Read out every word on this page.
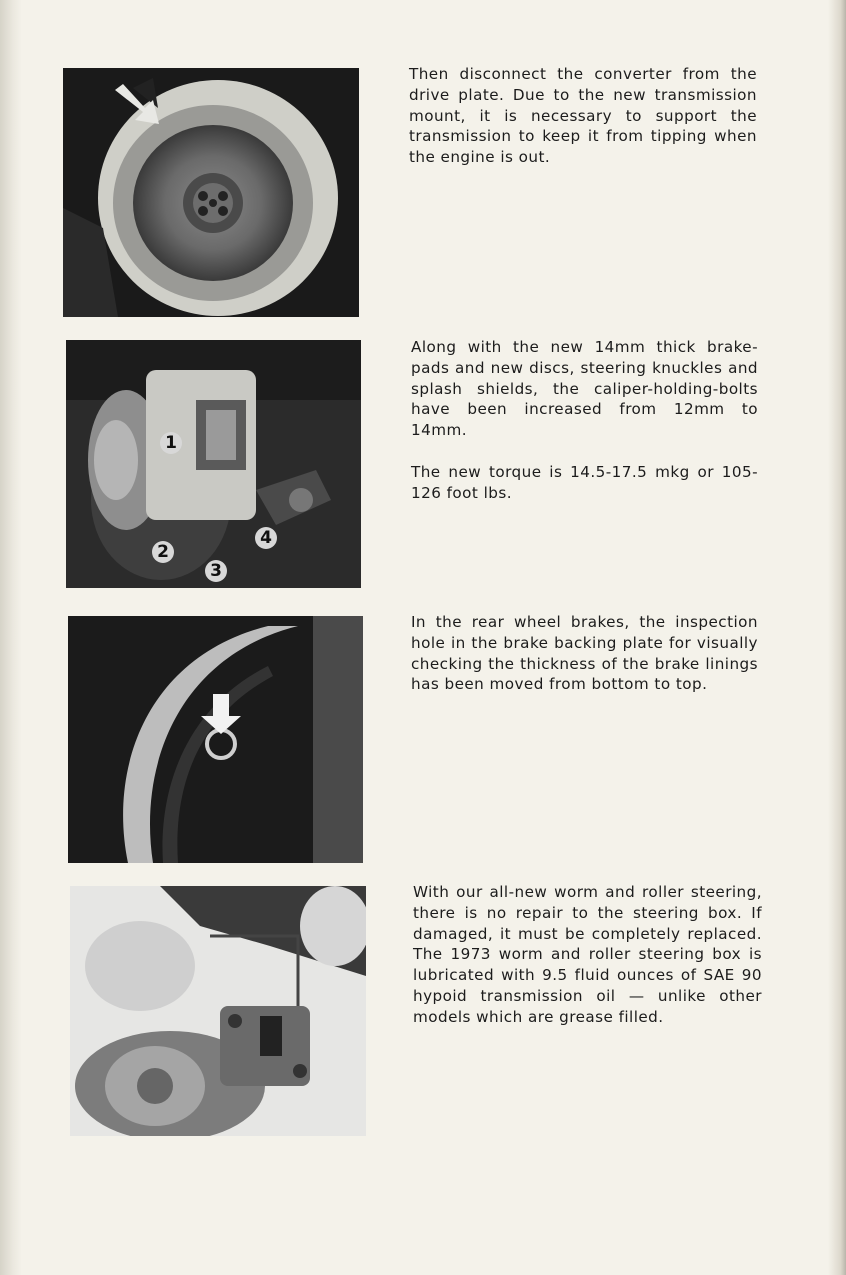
Then disconnect the converter from the drive plate. Due to the new transmission mount, it is necessary to support the transmission to keep it from tipping when the engine is out.

1
2
3
4

Along with the new 14mm thick brake-pads and new discs, steering knuckles and splash shields, the caliper-holding-bolts have been increased from 12mm to 14mm.

The new torque is 14.5-17.5 mkg or 105-126 foot lbs.

In the rear wheel brakes, the inspection hole in the brake backing plate for visually checking the thickness of the brake linings has been moved from bottom to top.

With our all-new worm and roller steering, there is no repair to the steering box. If damaged, it must be completely replaced. The 1973 worm and roller steering box is lubricated with 9.5 fluid ounces of SAE 90 hypoid transmission oil — unlike other models which are grease filled.
